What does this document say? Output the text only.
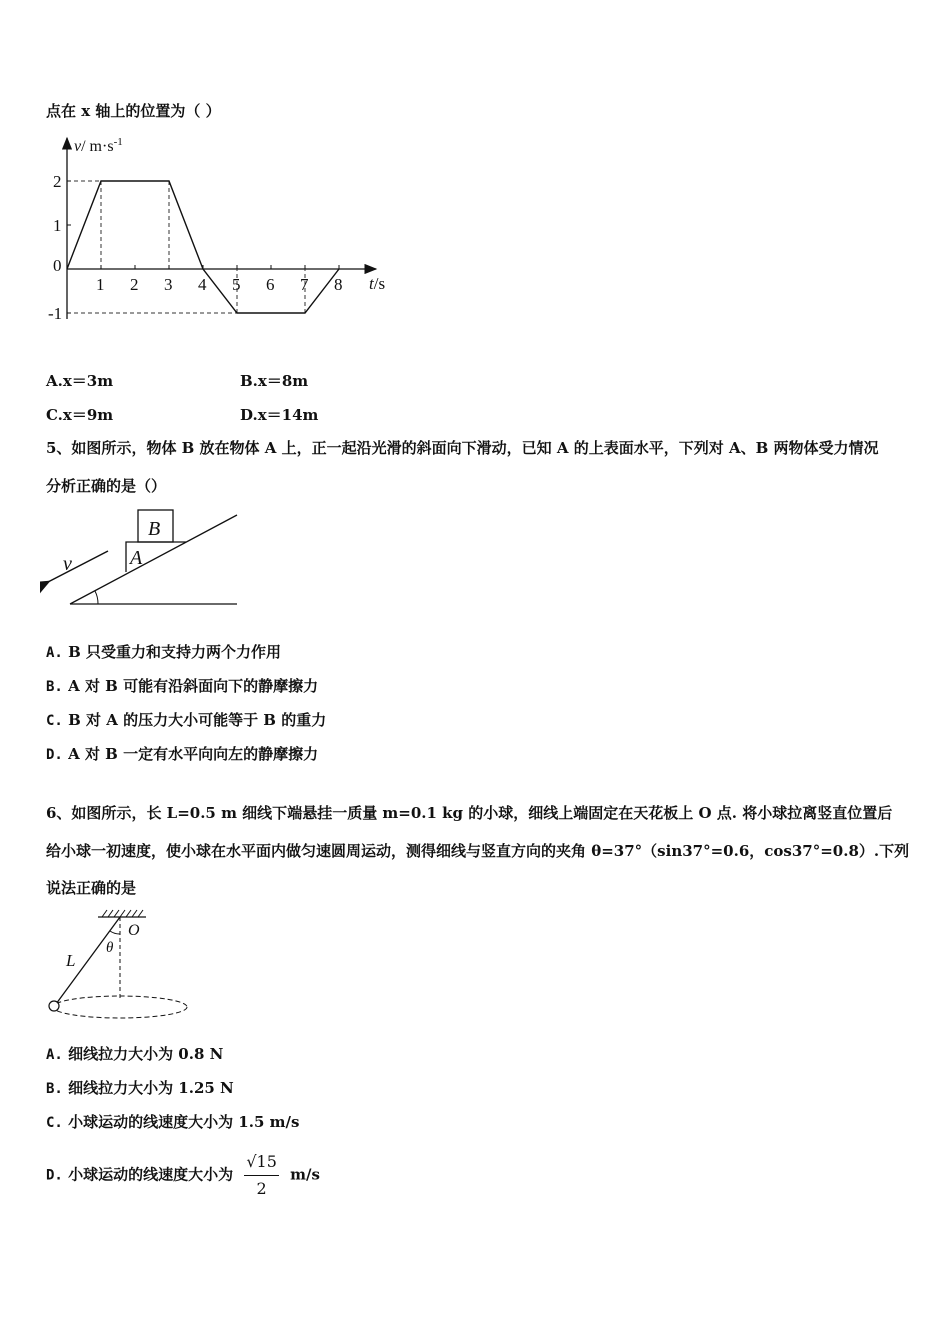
点在 x 轴上的位置为（ ）
1 2 3 4 5 6 7 8
2
1
0
-1
v/ $m\cdot s^{-1}$
t/s
A.x＝3m	B.x＝8m
C.x＝9m	D.x＝14m
5、如图所示，物体 B 放在物体 A 上，正一起沿光滑的斜面向下滑动，已知 A 的上表面水平，下列对 A、B 两物体受力情况
分析正确的是（）
B
A
v
A. B 只受重力和支持力两个力作用
B. A 对 B 可能有沿斜面向下的静摩擦力
C. B 对 A 的压力大小可能等于 B 的重力
D. A 对 B 一定有水平向向左的静摩擦力
6、如图所示，长 L=0.5 m 细线下端悬挂一质量 m=0.1 kg 的小球，细线上端固定在天花板上 O 点. 将小球拉离竖直位置后
给小球一初速度，使小球在水平面内做匀速圆周运动，测得细线与竖直方向的夹角 θ=37°（sin37°=0.6，cos37°=0.8）.下列
说法正确的是
O
θ
L
A. 细线拉力大小为 0.8 N
B. 细线拉力大小为 1.25 N
C. 小球运动的线速度大小为 1.5 m/s
D. 小球运动的线速度大小为 $\frac{√15}{2} m/s$
